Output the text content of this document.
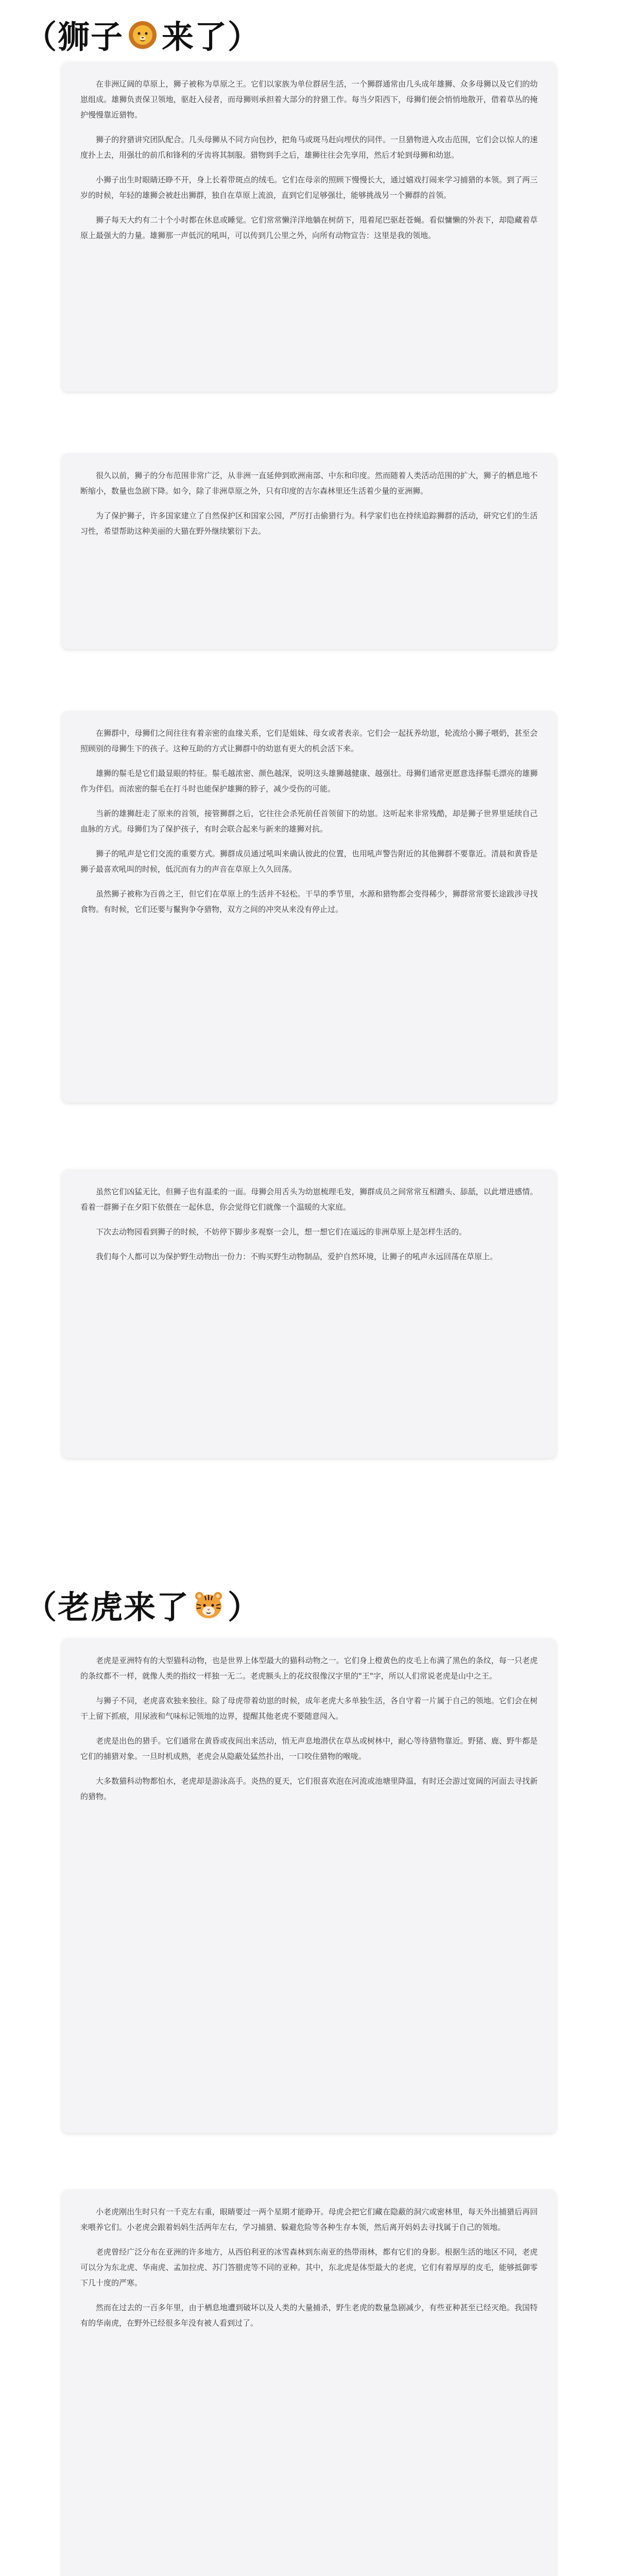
（狮子 来了）

在非洲辽阔的草原上，狮子被称为草原之王。它们以家族为单位群居生活，一个狮群通常由几头成年雄狮、众多母狮以及它们的幼崽组成。雄狮负责保卫领地，驱赶入侵者，而母狮则承担着大部分的狩猎工作。每当夕阳西下，母狮们便会悄悄地散开，借着草丛的掩护慢慢靠近猎物。

狮子的狩猎讲究团队配合。几头母狮从不同方向包抄，把角马或斑马赶向埋伏的同伴。一旦猎物进入攻击范围，它们会以惊人的速度扑上去，用强壮的前爪和锋利的牙齿将其制服。猎物到手之后，雄狮往往会先享用，然后才轮到母狮和幼崽。

小狮子出生时眼睛还睁不开，身上长着带斑点的绒毛。它们在母亲的照顾下慢慢长大，通过嬉戏打闹来学习捕猎的本领。到了两三岁的时候，年轻的雄狮会被赶出狮群，独自在草原上流浪，直到它们足够强壮，能够挑战另一个狮群的首领。

狮子每天大约有二十个小时都在休息或睡觉。它们常常懒洋洋地躺在树荫下，甩着尾巴驱赶苍蝇。看似慵懒的外表下，却隐藏着草原上最强大的力量。雄狮那一声低沉的吼叫，可以传到几公里之外，向所有动物宣告：这里是我的领地。

很久以前，狮子的分布范围非常广泛，从非洲一直延伸到欧洲南部、中东和印度。然而随着人类活动范围的扩大，狮子的栖息地不断缩小，数量也急剧下降。如今，除了非洲草原之外，只有印度的吉尔森林里还生活着少量的亚洲狮。

为了保护狮子，许多国家建立了自然保护区和国家公园，严厉打击偷猎行为。科学家们也在持续追踪狮群的活动，研究它们的生活习性，希望帮助这种美丽的大猫在野外继续繁衍下去。

在狮群中，母狮们之间往往有着亲密的血缘关系，它们是姐妹、母女或者表亲。它们会一起抚养幼崽，轮流给小狮子喂奶，甚至会照顾别的母狮生下的孩子。这种互助的方式让狮群中的幼崽有更大的机会活下来。

雄狮的鬃毛是它们最显眼的特征。鬃毛越浓密、颜色越深，说明这头雄狮越健康、越强壮。母狮们通常更愿意选择鬃毛漂亮的雄狮作为伴侣。而浓密的鬃毛在打斗时也能保护雄狮的脖子，减少受伤的可能。

当新的雄狮赶走了原来的首领，接管狮群之后，它往往会杀死前任首领留下的幼崽。这听起来非常残酷，却是狮子世界里延续自己血脉的方式。母狮们为了保护孩子，有时会联合起来与新来的雄狮对抗。

狮子的吼声是它们交流的重要方式。狮群成员通过吼叫来确认彼此的位置，也用吼声警告附近的其他狮群不要靠近。清晨和黄昏是狮子最喜欢吼叫的时候，低沉而有力的声音在草原上久久回荡。

虽然狮子被称为百兽之王，但它们在草原上的生活并不轻松。干旱的季节里，水源和猎物都会变得稀少，狮群常常要长途跋涉寻找食物。有时候，它们还要与鬣狗争夺猎物，双方之间的冲突从来没有停止过。

虽然它们凶猛无比，但狮子也有温柔的一面。母狮会用舌头为幼崽梳理毛发，狮群成员之间常常互相蹭头、舔舐，以此增进感情。看着一群狮子在夕阳下依偎在一起休息，你会觉得它们就像一个温暖的大家庭。

下次去动物园看到狮子的时候，不妨停下脚步多观察一会儿，想一想它们在遥远的非洲草原上是怎样生活的。

我们每个人都可以为保护野生动物出一份力：不购买野生动物制品，爱护自然环境，让狮子的吼声永远回荡在草原上。

（老虎来了 ）

老虎是亚洲特有的大型猫科动物，也是世界上体型最大的猫科动物之一。它们身上橙黄色的皮毛上布满了黑色的条纹，每一只老虎的条纹都不一样，就像人类的指纹一样独一无二。老虎额头上的花纹很像汉字里的"王"字，所以人们常说老虎是山中之王。

与狮子不同，老虎喜欢独来独往。除了母虎带着幼崽的时候，成年老虎大多单独生活，各自守着一片属于自己的领地。它们会在树干上留下抓痕，用尿液和气味标记领地的边界，提醒其他老虎不要随意闯入。

老虎是出色的猎手。它们通常在黄昏或夜间出来活动，悄无声息地潜伏在草丛或树林中，耐心等待猎物靠近。野猪、鹿、野牛都是它们的捕猎对象。一旦时机成熟，老虎会从隐蔽处猛然扑出，一口咬住猎物的喉咙。

大多数猫科动物都怕水，老虎却是游泳高手。炎热的夏天，它们很喜欢泡在河流或池塘里降温，有时还会游过宽阔的河面去寻找新的猎物。

小老虎刚出生时只有一千克左右重，眼睛要过一两个星期才能睁开。母虎会把它们藏在隐蔽的洞穴或密林里，每天外出捕猎后再回来喂养它们。小老虎会跟着妈妈生活两年左右，学习捕猎、躲避危险等各种生存本领，然后离开妈妈去寻找属于自己的领地。

老虎曾经广泛分布在亚洲的许多地方，从西伯利亚的冰雪森林到东南亚的热带雨林，都有它们的身影。根据生活的地区不同，老虎可以分为东北虎、华南虎、孟加拉虎、苏门答腊虎等不同的亚种。其中，东北虎是体型最大的老虎，它们有着厚厚的皮毛，能够抵御零下几十度的严寒。

然而在过去的一百多年里，由于栖息地遭到破坏以及人类的大量捕杀，野生老虎的数量急剧减少，有些亚种甚至已经灭绝。我国特有的华南虎，在野外已经很多年没有被人看到过了。
